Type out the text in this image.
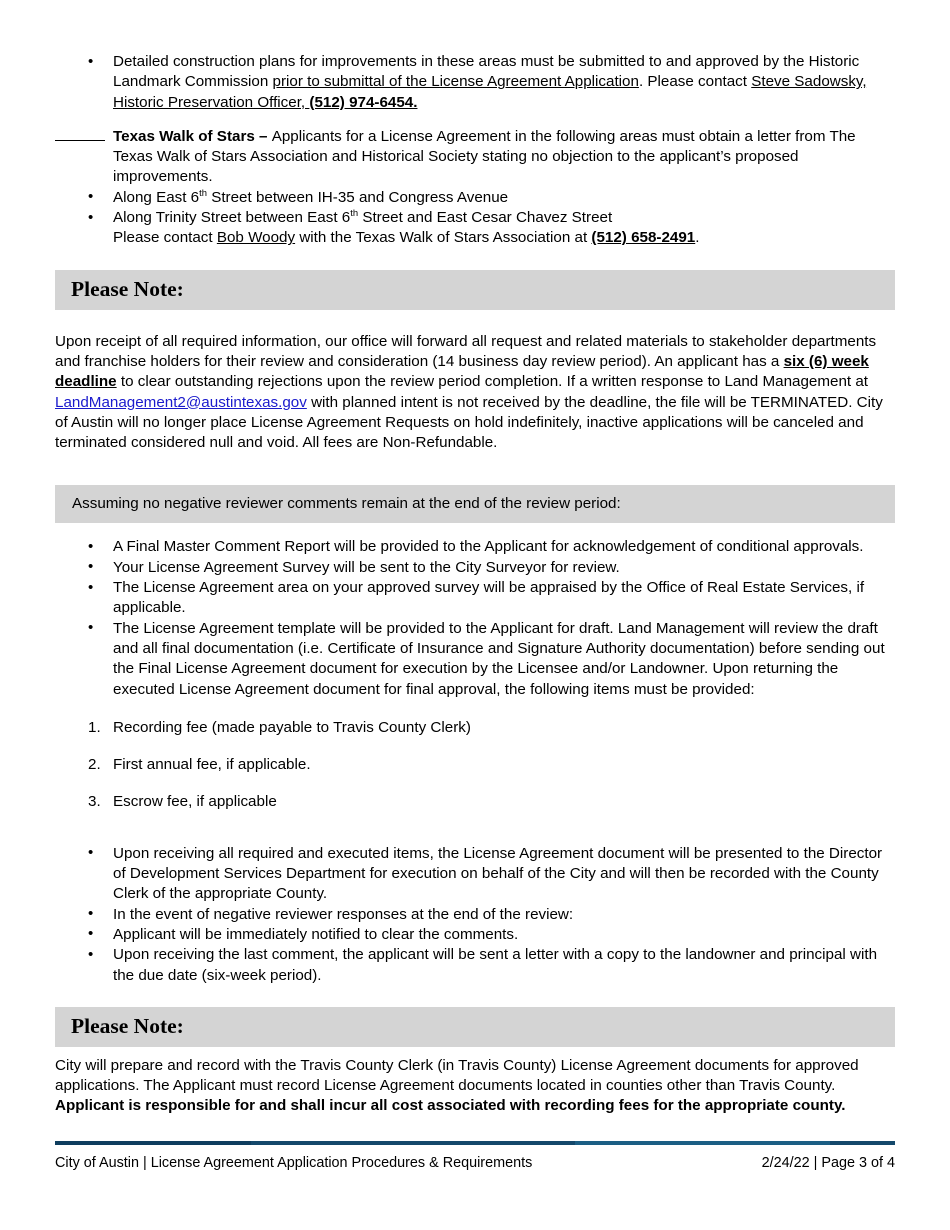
• Detailed construction plans for improvements in these areas must be submitted to and approved by the Historic Landmark Commission prior to submittal of the License Agreement Application. Please contact Steve Sadowsky, Historic Preservation Officer, (512) 974-6454.
Texas Walk of Stars – Applicants for a License Agreement in the following areas must obtain a letter from The Texas Walk of Stars Association and Historical Society stating no objection to the applicant’s proposed improvements.
• Along East 6th Street between IH-35 and Congress Avenue
• Along Trinity Street between East 6th Street and East Cesar Chavez Street
Please contact Bob Woody with the Texas Walk of Stars Association at (512) 658-2491.
Please Note:

Upon receipt of all required information, our office will forward all request and related materials to stakeholder departments and franchise holders for their review and consideration (14 business day review period). An applicant has a six (6) week deadline to clear outstanding rejections upon the review period completion. If a written response to Land Management at LandManagement2@austintexas.gov with planned intent is not received by the deadline, the file will be TERMINATED. City of Austin will no longer place License Agreement Requests on hold indefinitely, inactive applications will be canceled and terminated considered null and void. All fees are Non-Refundable.

Assuming no negative reviewer comments remain at the end of the review period:
• A Final Master Comment Report will be provided to the Applicant for acknowledgement of conditional approvals.
• Your License Agreement Survey will be sent to the City Surveyor for review.
• The License Agreement area on your approved survey will be appraised by the Office of Real Estate Services, if applicable.
• The License Agreement template will be provided to the Applicant for draft. Land Management will review the draft and all final documentation (i.e. Certificate of Insurance and Signature Authority documentation) before sending out the Final License Agreement document for execution by the Licensee and/or Landowner. Upon returning the executed License Agreement document for final approval, the following items must be provided:
Recording fee (made payable to Travis County Clerk)
First annual fee, if applicable.
Escrow fee, if applicable
• Upon receiving all required and executed items, the License Agreement document will be presented to the Director of Development Services Department for execution on behalf of the City and will then be recorded with the County Clerk of the appropriate County.
• In the event of negative reviewer responses at the end of the review:
• Applicant will be immediately notified to clear the comments.
• Upon receiving the last comment, the applicant will be sent a letter with a copy to the landowner and principal with the due date (six-week period).
Please Note:

City will prepare and record with the Travis County Clerk (in Travis County) License Agreement documents for approved applications. The Applicant must record License Agreement documents located in counties other than Travis County. Applicant is responsible for and shall incur all cost associated with recording fees for the appropriate county.

City of Austin | License Agreement Application Procedures & Requirements	2/24/22 | Page 3 of 4
